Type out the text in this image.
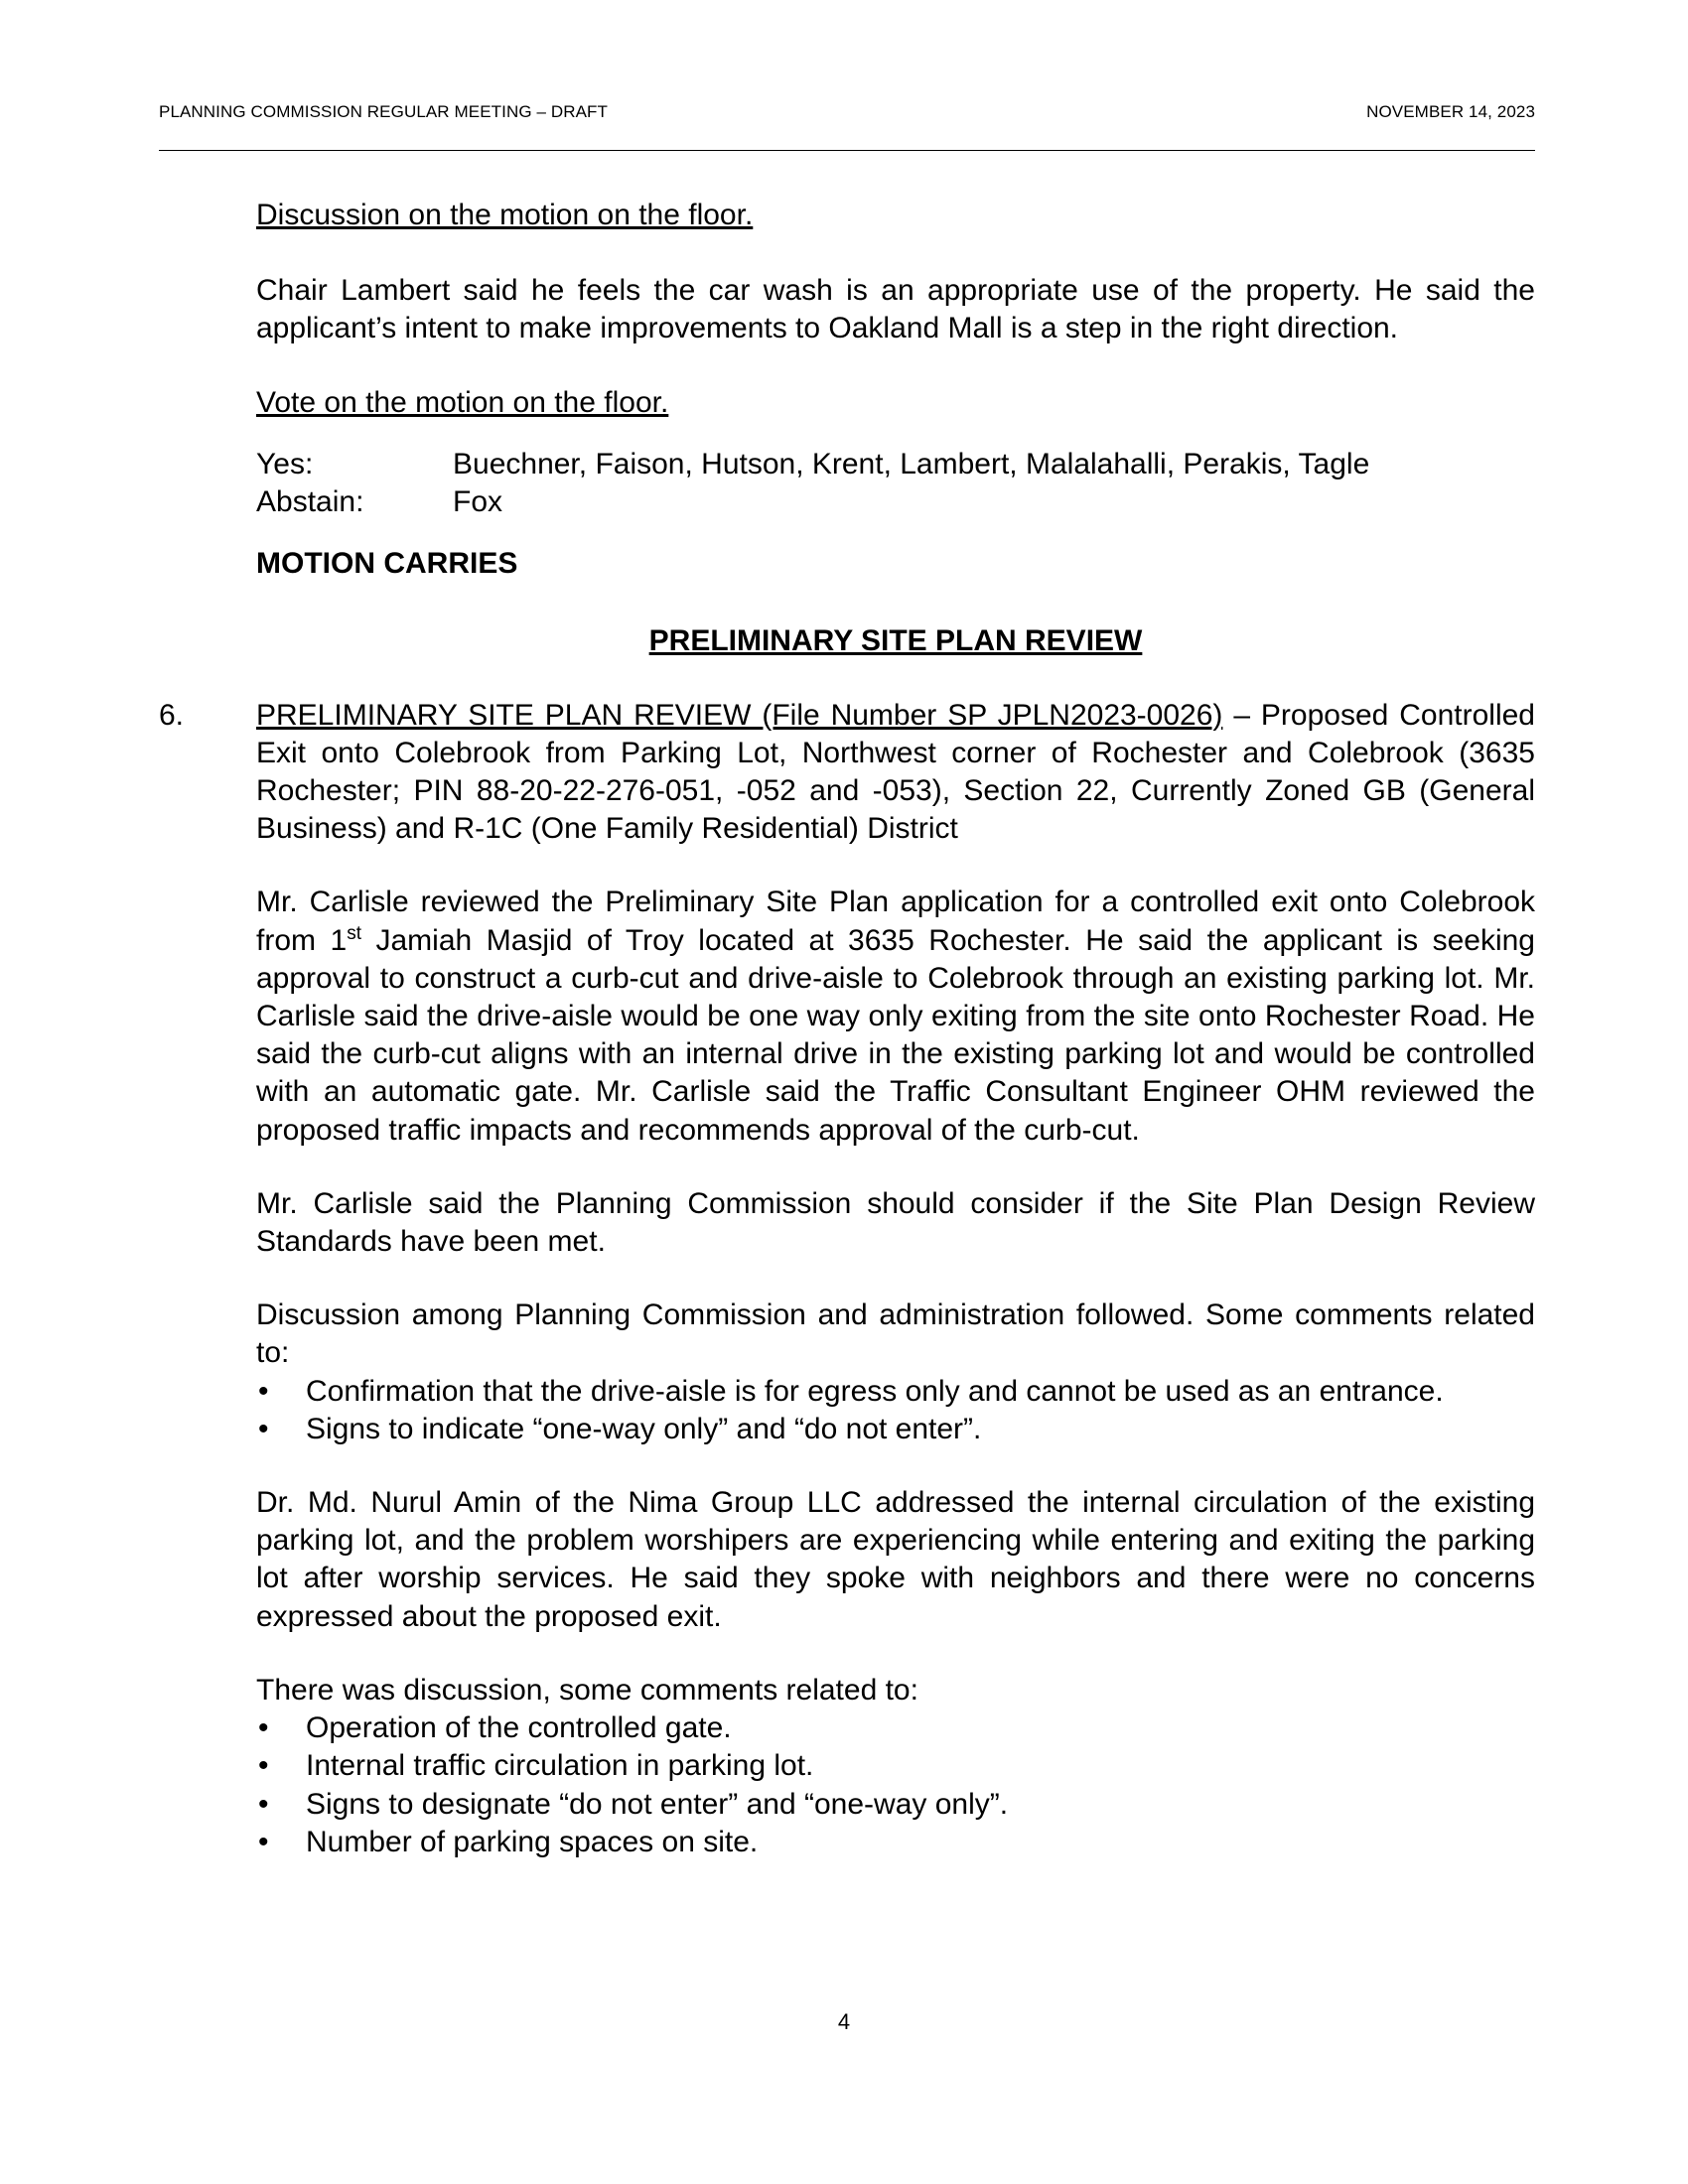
PLANNING COMMISSION REGULAR MEETING – DRAFT	NOVEMBER 14, 2023

Discussion on the motion on the floor.

Chair Lambert said he feels the car wash is an appropriate use of the property. He said the applicant’s intent to make improvements to Oakland Mall is a step in the right direction.

Vote on the motion on the floor.

Yes:	Buechner, Faison, Hutson, Krent, Lambert, Malalahalli, Perakis, Tagle
Abstain:	Fox

MOTION CARRIES

PRELIMINARY SITE PLAN REVIEW

6. PRELIMINARY SITE PLAN REVIEW (File Number SP JPLN2023-0026) – Proposed Controlled Exit onto Colebrook from Parking Lot, Northwest corner of Rochester and Colebrook (3635 Rochester; PIN 88-20-22-276-051, -052 and -053), Section 22, Currently Zoned GB (General Business) and R-1C (One Family Residential) District

Mr. Carlisle reviewed the Preliminary Site Plan application for a controlled exit onto Colebrook from 1st Jamiah Masjid of Troy located at 3635 Rochester. He said the applicant is seeking approval to construct a curb-cut and drive-aisle to Colebrook through an existing parking lot. Mr. Carlisle said the drive-aisle would be one way only exiting from the site onto Rochester Road. He said the curb-cut aligns with an internal drive in the existing parking lot and would be controlled with an automatic gate. Mr. Carlisle said the Traffic Consultant Engineer OHM reviewed the proposed traffic impacts and recommends approval of the curb-cut.

Mr. Carlisle said the Planning Commission should consider if the Site Plan Design Review Standards have been met.

Discussion among Planning Commission and administration followed. Some comments related to:

• Confirmation that the drive-aisle is for egress only and cannot be used as an entrance.
• Signs to indicate “one-way only” and “do not enter”.

Dr. Md. Nurul Amin of the Nima Group LLC addressed the internal circulation of the existing parking lot, and the problem worshipers are experiencing while entering and exiting the parking lot after worship services. He said they spoke with neighbors and there were no concerns expressed about the proposed exit.

There was discussion, some comments related to:

• Operation of the controlled gate.
• Internal traffic circulation in parking lot.
• Signs to designate “do not enter” and “one-way only”.
• Number of parking spaces on site.
4
